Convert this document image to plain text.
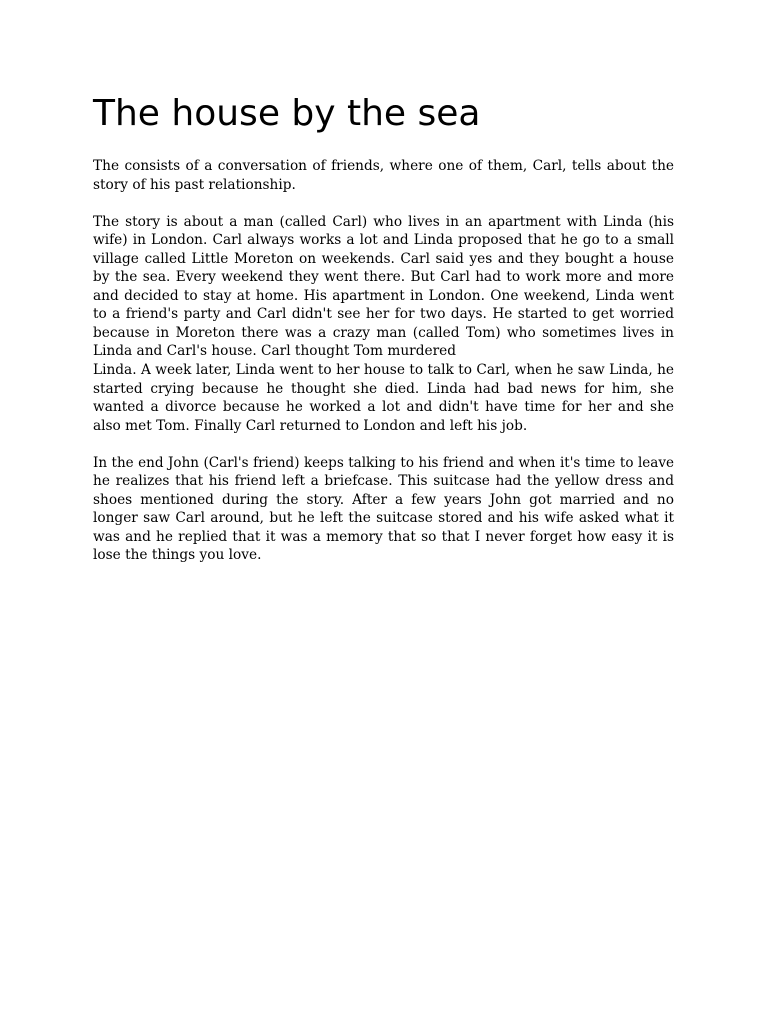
The house by the sea
The consists of a conversation of friends, where one of them, Carl, tells about the
story of his past relationship.
The story is about a man (called Carl) who lives in an apartment with Linda (his
wife) in London. Carl always works a lot and Linda proposed that he go to a small
village called Little Moreton on weekends. Carl said yes and they bought a house
by the sea. Every weekend they went there. But Carl had to work more and more
and decided to stay at home. His apartment in London. One weekend, Linda went
to a friend's party and Carl didn't see her for two days. He started to get worried
because in Moreton there was a crazy man (called Tom) who sometimes lives in
Linda and Carl's house. Carl thought Tom murdered
Linda. A week later, Linda went to her house to talk to Carl, when he saw Linda, he
started crying because he thought she died. Linda had bad news for him, she
wanted a divorce because he worked a lot and didn't have time for her and she
also met Tom. Finally Carl returned to London and left his job.
In the end John (Carl's friend) keeps talking to his friend and when it's time to leave
he realizes that his friend left a briefcase. This suitcase had the yellow dress and
shoes mentioned during the story. After a few years John got married and no
longer saw Carl around, but he left the suitcase stored and his wife asked what it
was and he replied that it was a memory that so that I never forget how easy it is
lose the things you love.
